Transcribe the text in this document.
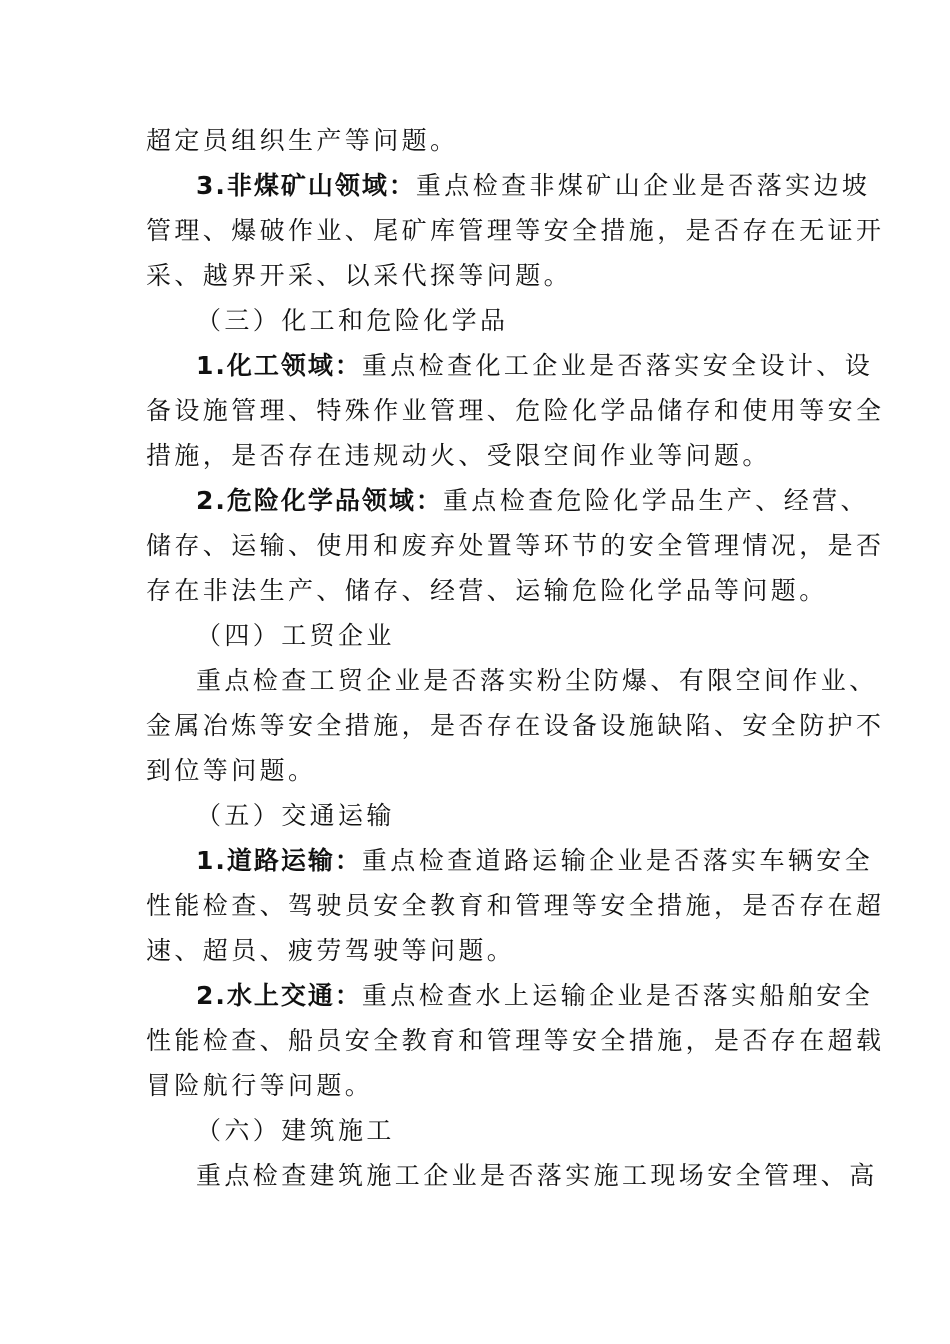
超定员组织生产等问题。
3.非煤矿山领域：重点检查非煤矿山企业是否落实边坡
管理、爆破作业、尾矿库管理等安全措施，是否存在无证开
采、越界开采、以采代探等问题。
（三）化工和危险化学品
1.化工领域：重点检查化工企业是否落实安全设计、设
备设施管理、特殊作业管理、危险化学品储存和使用等安全
措施，是否存在违规动火、受限空间作业等问题。
2.危险化学品领域：重点检查危险化学品生产、经营、
储存、运输、使用和废弃处置等环节的安全管理情况，是否
存在非法生产、储存、经营、运输危险化学品等问题。
（四）工贸企业
重点检查工贸企业是否落实粉尘防爆、有限空间作业、
金属冶炼等安全措施，是否存在设备设施缺陷、安全防护不
到位等问题。
（五）交通运输
1.道路运输：重点检查道路运输企业是否落实车辆安全
性能检查、驾驶员安全教育和管理等安全措施，是否存在超
速、超员、疲劳驾驶等问题。
2.水上交通：重点检查水上运输企业是否落实船舶安全
性能检查、船员安全教育和管理等安全措施，是否存在超载
冒险航行等问题。
（六）建筑施工
重点检查建筑施工企业是否落实施工现场安全管理、高
